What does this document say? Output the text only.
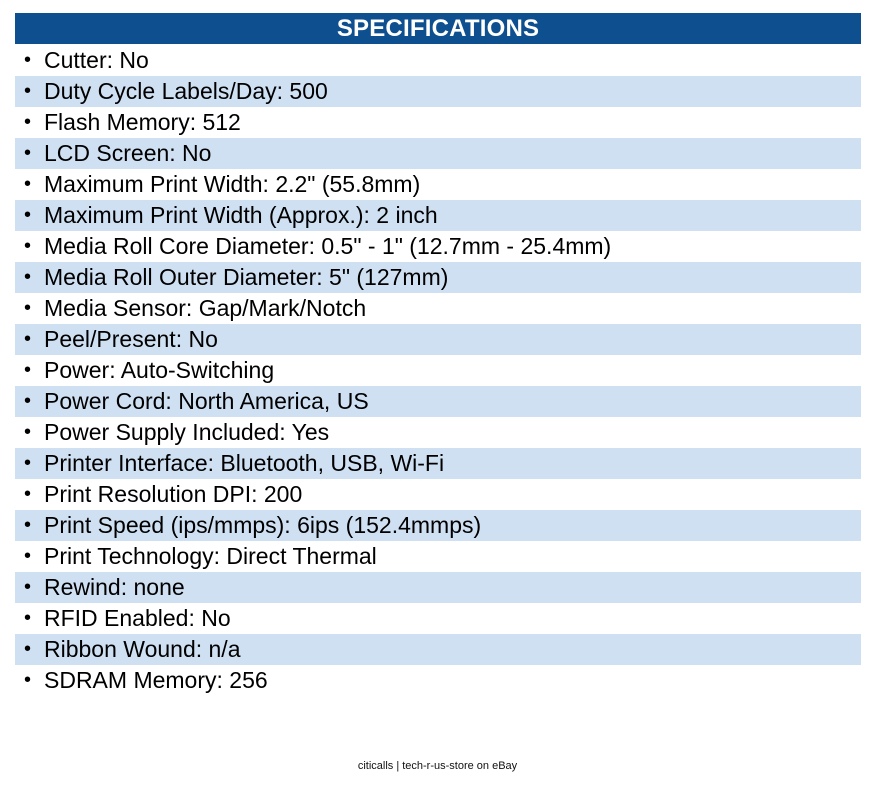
SPECIFICATIONS
• Cutter: No
• Duty Cycle Labels/Day: 500
• Flash Memory: 512
• LCD Screen: No
• Maximum Print Width: 2.2" (55.8mm)
• Maximum Print Width (Approx.): 2 inch
• Media Roll Core Diameter: 0.5" - 1" (12.7mm - 25.4mm)
• Media Roll Outer Diameter: 5" (127mm)
• Media Sensor: Gap/Mark/Notch
• Peel/Present: No
• Power: Auto-Switching
• Power Cord: North America, US
• Power Supply Included: Yes
• Printer Interface: Bluetooth, USB, Wi-Fi
• Print Resolution DPI: 200
• Print Speed (ips/mmps): 6ips (152.4mmps)
• Print Technology: Direct Thermal
• Rewind: none
• RFID Enabled: No
• Ribbon Wound: n/a
• SDRAM Memory: 256
citicalls | tech-r-us-store on eBay
